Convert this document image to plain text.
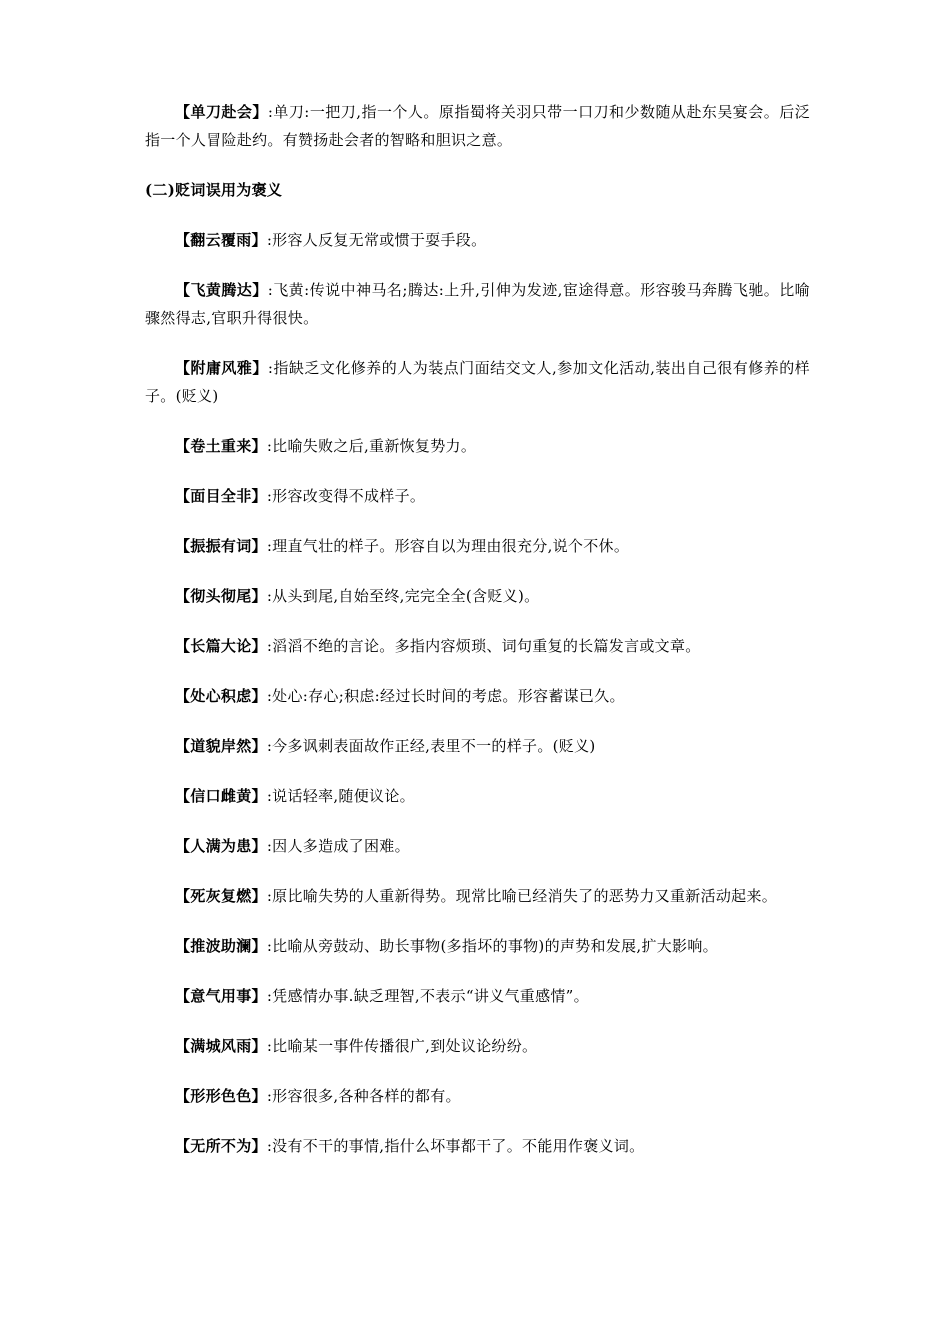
【单刀赴会】:单刀:一把刀,指一个人。原指蜀将关羽只带一口刀和少数随从赴东吴宴会。后泛指一个人冒险赴约。有赞扬赴会者的智略和胆识之意。

(二)贬词误用为褒义

【翻云覆雨】:形容人反复无常或惯于耍手段。

【飞黄腾达】:飞黄:传说中神马名;腾达:上升,引伸为发迹,宦途得意。形容骏马奔腾飞驰。比喻骤然得志,官职升得很快。

【附庸风雅】:指缺乏文化修养的人为装点门面结交文人,参加文化活动,装出自己很有修养的样子。(贬义)

【卷土重来】:比喻失败之后,重新恢复势力。

【面目全非】:形容改变得不成样子。

【振振有词】:理直气壮的样子。形容自以为理由很充分,说个不休。

【彻头彻尾】:从头到尾,自始至终,完完全全(含贬义)。

【长篇大论】:滔滔不绝的言论。多指内容烦琐、词句重复的长篇发言或文章。

【处心积虑】:处心:存心;积虑:经过长时间的考虑。形容蓄谋已久。

【道貌岸然】:今多讽刺表面故作正经,表里不一的样子。(贬义)

【信口雌黄】:说话轻率,随便议论。

【人满为患】:因人多造成了困难。

【死灰复燃】:原比喻失势的人重新得势。现常比喻已经消失了的恶势力又重新活动起来。

【推波助澜】:比喻从旁鼓动、助长事物(多指坏的事物)的声势和发展,扩大影响。

【意气用事】:凭感情办事.缺乏理智,不表示“讲义气重感情”。

【满城风雨】:比喻某一事件传播很广,到处议论纷纷。

【形形色色】:形容很多,各种各样的都有。

【无所不为】:没有不干的事情,指什么坏事都干了。不能用作褒义词。
